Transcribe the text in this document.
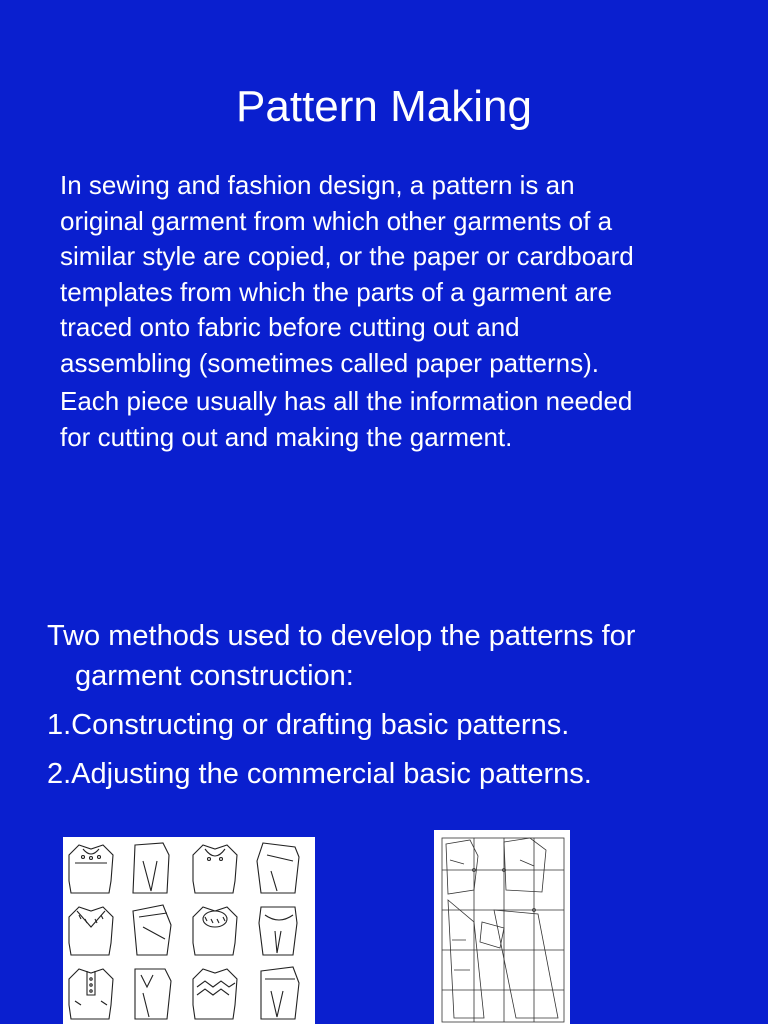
Pattern Making

In sewing and fashion design, a pattern is an
original garment from which other garments of a
similar style are copied, or the paper or cardboard
templates from which the parts of a garment are
traced onto fabric before cutting out and
assembling (sometimes called paper patterns).

Each piece usually has all the information needed
for cutting out and making the garment.

Two methods used to develop the patterns for garment construction:

1.Constructing or drafting basic patterns.
2.Adjusting the commercial basic patterns.
